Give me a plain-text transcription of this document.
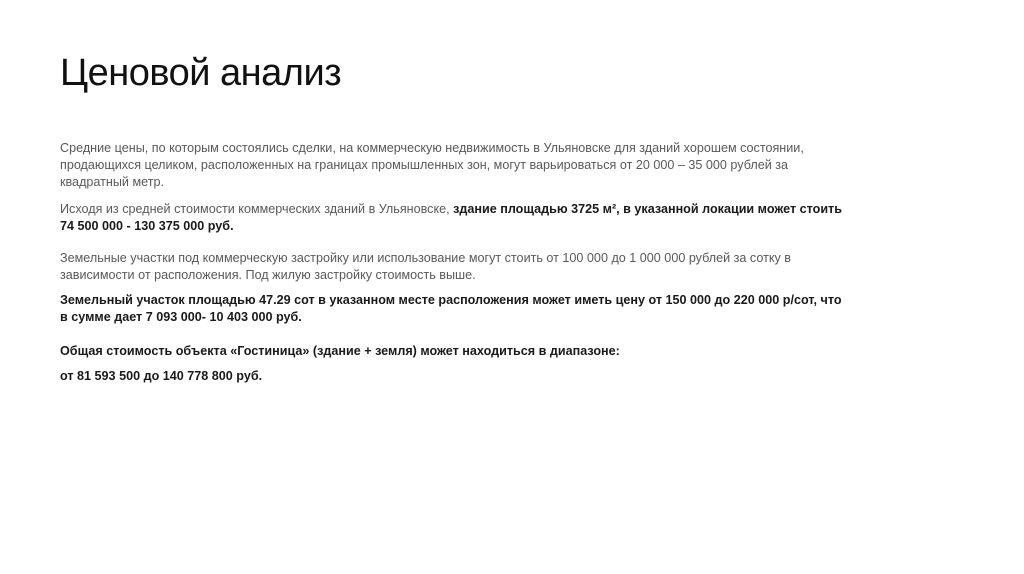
Ценовой анализ

Средние цены, по которым состоялись сделки, на коммерческую недвижимость в Ульяновске для зданий хорошем состоянии, продающихся целиком, расположенных на границах промышленных зон, могут варьироваться от 20 000 – 35 000 рублей за квадратный метр.

Исходя из средней стоимости коммерческих зданий в Ульяновске, здание площадью 3725 м², в указанной локации может стоить 74 500 000 - 130 375 000 руб.

Земельные участки под коммерческую застройку или использование могут стоить от 100 000 до 1 000 000 рублей за сотку в зависимости от расположения. Под жилую застройку стоимость выше.

Земельный участок площадью 47.29 сот в указанном месте расположения может иметь цену от 150 000 до 220 000 р/сот, что в сумме дает 7 093 000- 10 403 000 руб.

Общая стоимость объекта «Гостиница» (здание + земля) может находиться в диапазоне:

от 81 593 500 до 140 778 800 руб.
